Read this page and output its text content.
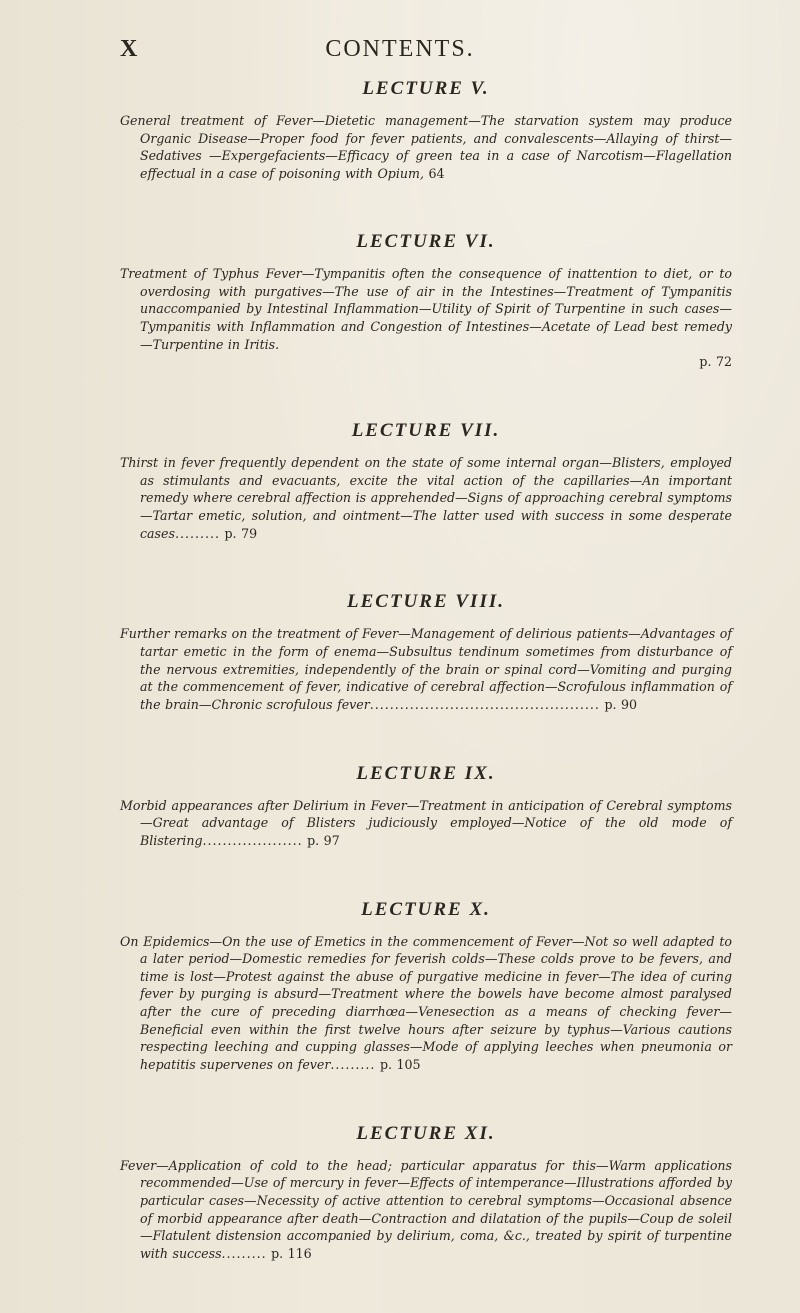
X	CONTENTS.
LECTURE V.

General treatment of Fever—Dietetic management—The starvation system may produce Organic Disease—Proper food for fever patients, and convalescents—Allaying of thirst—Sedatives —Expergefacients—Efficacy of green tea in a case of Narcotism—Flagellation effectual in a case of poisoning with Opium, 64

LECTURE VI.

Treatment of Typhus Fever—Tympanitis often the consequence of inattention to diet, or to overdosing with purgatives—The use of air in the Intestines—Treatment of Tympanitis unaccompanied by Intestinal Inflammation—Utility of Spirit of Turpentine in such cases—Tympanitis with Inflammation and Congestion of Intestines—Acetate of Lead best remedy—Turpentine in Iritis.

p. 72

LECTURE VII.

Thirst in fever frequently dependent on the state of some internal organ—Blisters, employed as stimulants and evacuants, excite the vital action of the capillaries—An important remedy where cerebral affection is apprehended—Signs of approaching cerebral symptoms—Tartar emetic, solution, and ointment—The latter used with success in some desperate cases......... p. 79

LECTURE VIII.

Further remarks on the treatment of Fever—Management of delirious patients—Advantages of tartar emetic in the form of enema—Subsultus tendinum sometimes from disturbance of the nervous extremities, independently of the brain or spinal cord—Vomiting and purging at the commencement of fever, indicative of cerebral affection—Scrofulous inflammation of the brain—Chronic scrofulous fever.............................................. p. 90

LECTURE IX.

Morbid appearances after Delirium in Fever—Treatment in anticipation of Cerebral symptoms—Great advantage of Blisters judiciously employed—Notice of the old mode of Blistering.................... p. 97

LECTURE X.

On Epidemics—On the use of Emetics in the commencement of Fever—Not so well adapted to a later period—Domestic remedies for feverish colds—These colds prove to be fevers, and time is lost—Protest against the abuse of purgative medicine in fever—The idea of curing fever by purging is absurd—Treatment where the bowels have become almost paralysed after the cure of preceding diarrhœa—Venesection as a means of checking fever—Beneficial even within the first twelve hours after seizure by typhus—Various cautions respecting leeching and cupping glasses—Mode of applying leeches when pneumonia or hepatitis supervenes on fever......... p. 105

LECTURE XI.

Fever—Application of cold to the head; particular apparatus for this—Warm applications recommended—Use of mercury in fever—Effects of intemperance—Illustrations afforded by particular cases—Necessity of active attention to cerebral symptoms—Occasional absence of morbid appearance after death—Contraction and dilatation of the pupils—Coup de soleil—Flatulent distension accompanied by delirium, coma, &c., treated by spirit of turpentine with success......... p. 116
